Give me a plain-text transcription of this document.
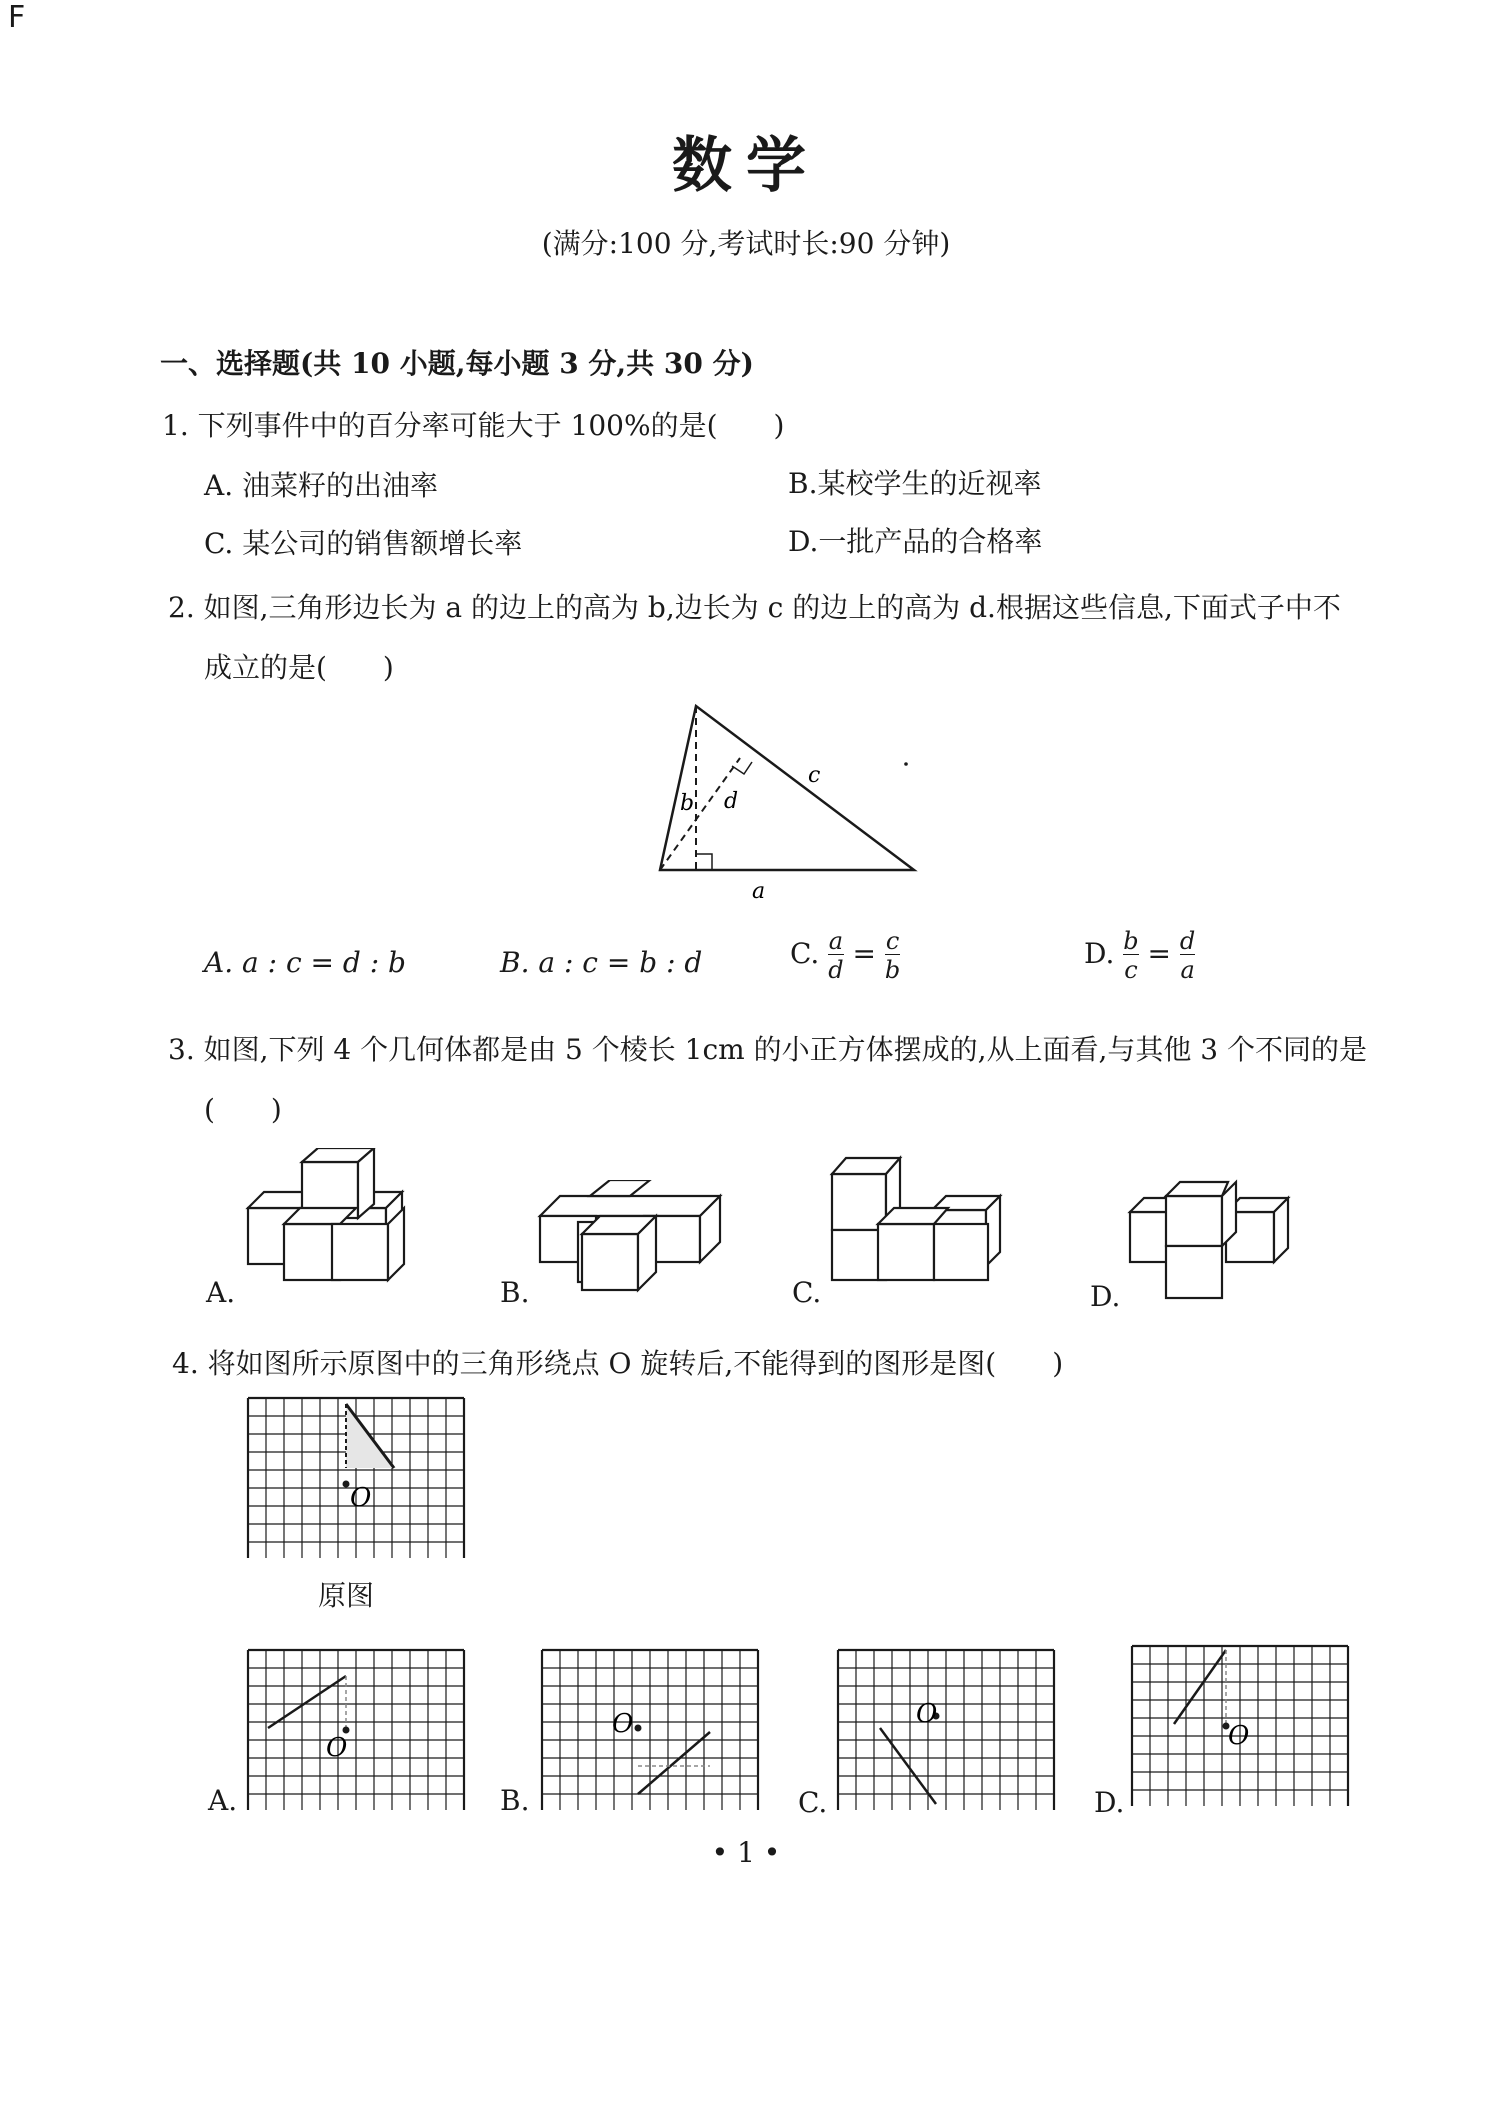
F
数学
(满分:100 分,考试时长:90 分钟)
一、选择题(共 10 小题,每小题 3 分,共 30 分)
1. 下列事件中的百分率可能大于 100%的是(　　)
A. 油菜籽的出油率	B.某校学生的近视率
C. 某公司的销售额增长率	D.一批产品的合格率
2. 如图,三角形边长为 a 的边上的高为 b,边长为 c 的边上的高为 d.根据这些信息,下面式子中不
成立的是(　　)
b d
c
a
A. a : c = d : b	B. a : c = b : d	C. $\frac{a}{d} = \frac{c}{b}$	D. $\frac{b}{c} = \frac{d}{a}$
3. 如图,下列 4 个几何体都是由 5 个棱长 1cm 的小正方体摆成的,从上面看,与其他 3 个不同的是
(　　)
A.	B.	C.	D.
4. 将如图所示原图中的三角形绕点 O 旋转后,不能得到的图形是图(　　)
O
原图
O
O	O
O
A.	B.	C.	D.
• 1 •
